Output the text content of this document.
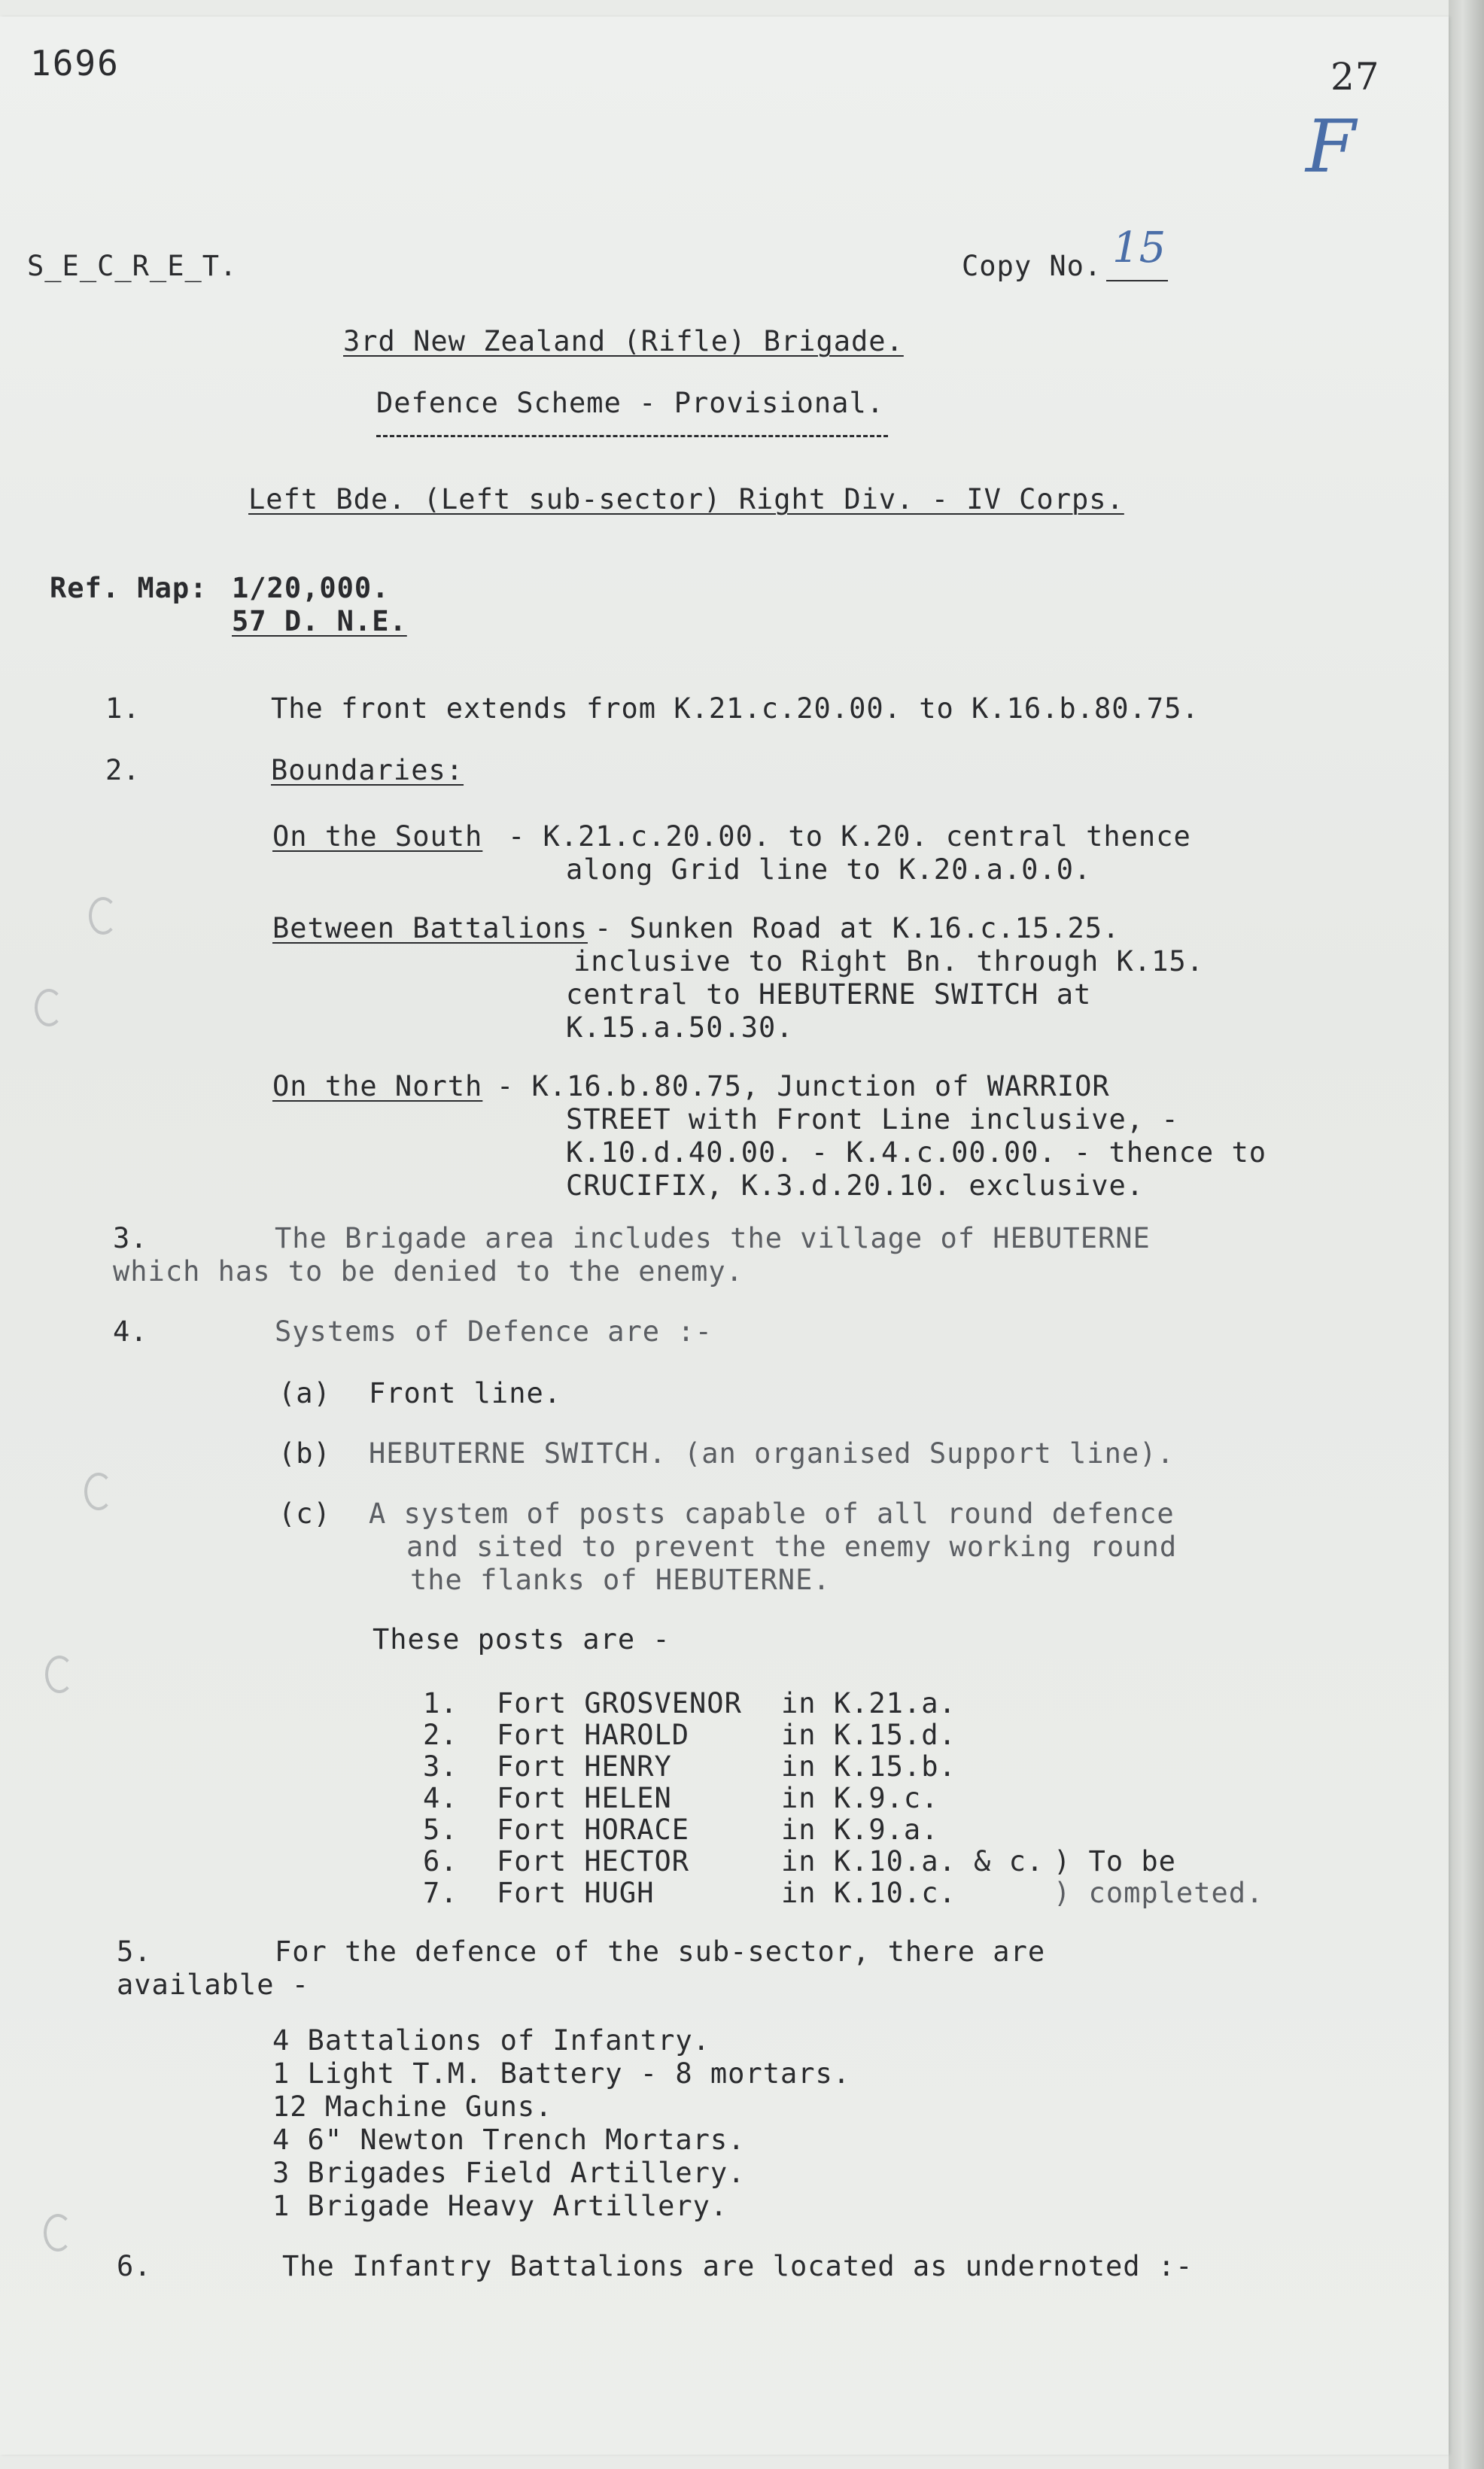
1696	27
F
S_E_C_R_E_T.	Copy No. 15
3rd New Zealand (Rifle) Brigade.
Defence Scheme - Provisional.
Left Bde. (Left sub-sector) Right Div. - IV Corps.
Ref. Map: 1/20,000.
57 D. N.E.
1.	The front extends from K.21.c.20.00. to K.16.b.80.75.
2.	Boundaries:
On the South - K.21.c.20.00. to K.20. central thence
along Grid line to K.20.a.0.0.
Between Battalions - Sunken Road at K.16.c.15.25.
inclusive to Right Bn. through K.15.
central to HEBUTERNE SWITCH at
K.15.a.50.30.
On the North - K.16.b.80.75, Junction of WARRIOR
STREET with Front Line inclusive, -
K.10.d.40.00. - K.4.c.00.00. - thence to
CRUCIFIX, K.3.d.20.10. exclusive.
3.	The Brigade area includes the village of HEBUTERNE
which has to be denied to the enemy.
4.	Systems of Defence are :-
(a) Front line.
(b) HEBUTERNE SWITCH. (an organised Support line).
(c) A system of posts capable of all round defence
and sited to prevent the enemy working round
the flanks of HEBUTERNE.
These posts are -
1. Fort GROSVENOR in K.21.a.
2. Fort HAROLD	in K.15.d.
3. Fort HENRY	in K.15.b.
4. Fort HELEN	in K.9.c.
5. Fort HORACE	in K.9.a.
6. Fort HECTOR	in K.10.a. & c. ) To be
7. Fort HUGH	in K.10.c.	) completed.
5.	For the defence of the sub-sector, there are
available -
4 Battalions of Infantry.
1 Light T.M. Battery - 8 mortars.
12 Machine Guns.
4 6" Newton Trench Mortars.
3 Brigades Field Artillery.
1 Brigade Heavy Artillery.
6.	The Infantry Battalions are located as undernoted :-
